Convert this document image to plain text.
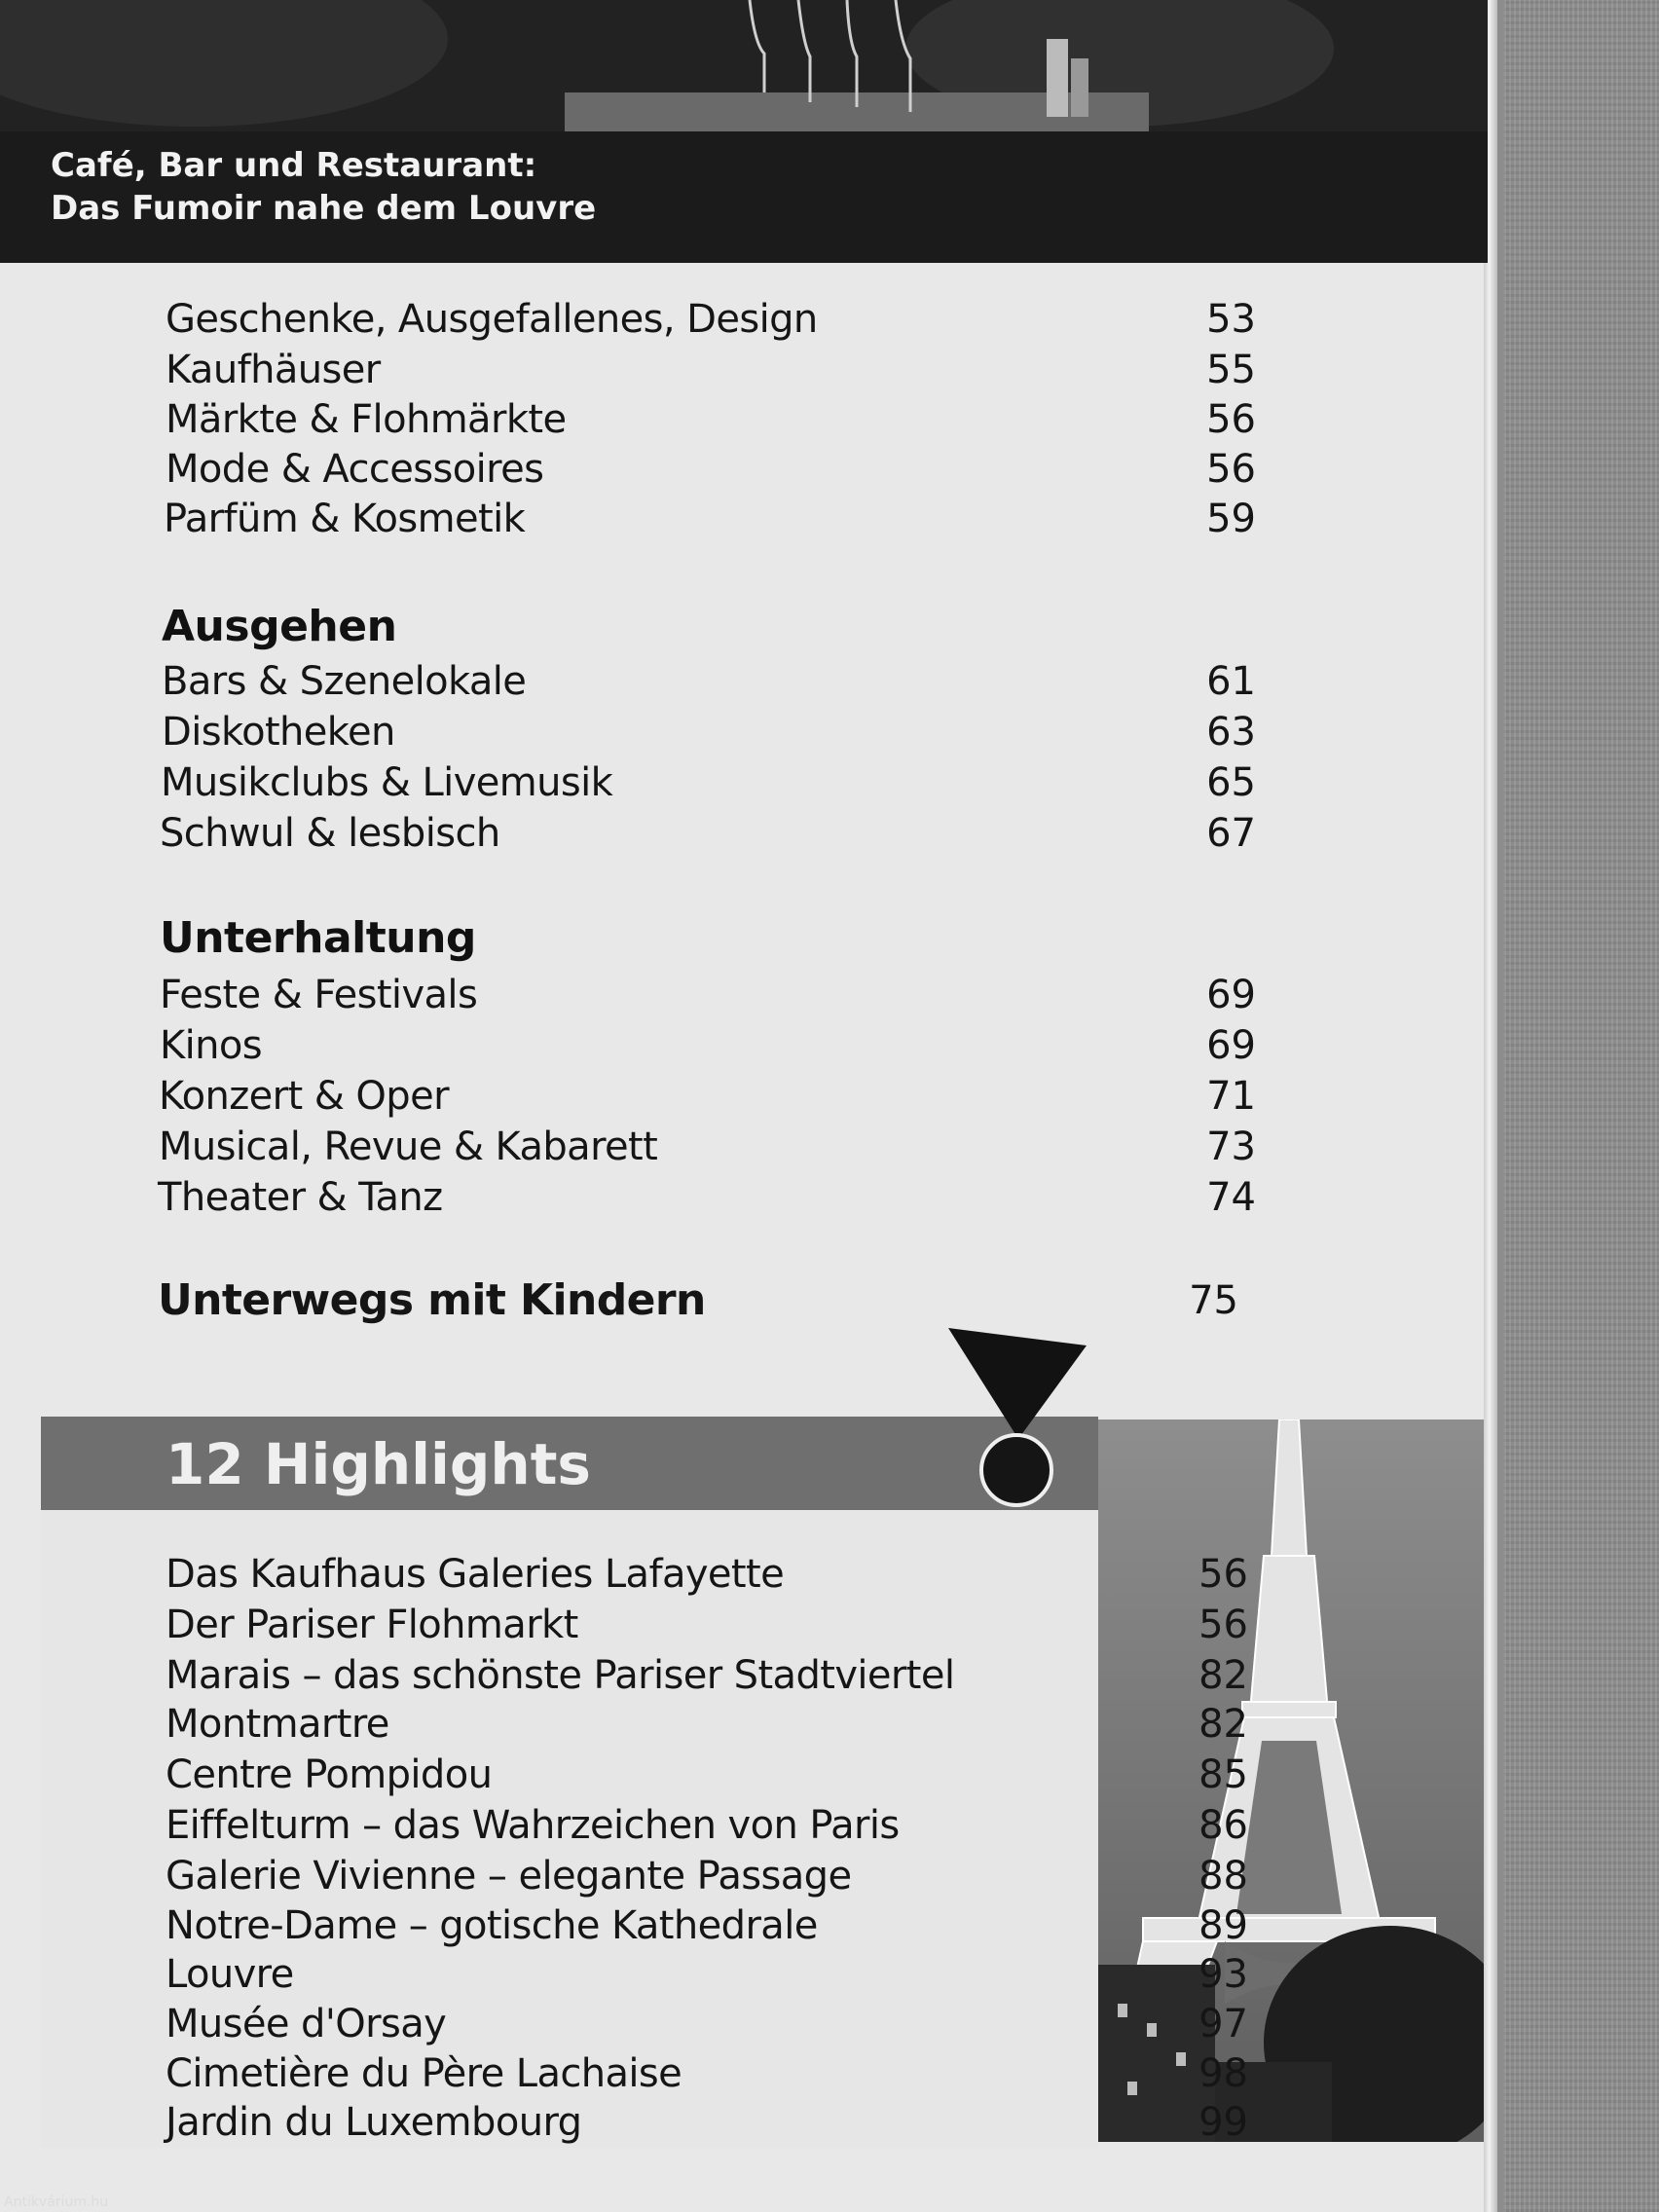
Café, Bar und Restaurant:
Das Fumoir nahe dem Louvre
Geschenke, Ausgefallenes, Design	53
Kaufhäuser	55
Märkte & Flohmärkte	56
Mode & Accessoires	56
Parfüm & Kosmetik	59
Ausgehen
Bars & Szenelokale	61
Diskotheken	63
Musikclubs & Livemusik	65
Schwul & lesbisch	67
Unterhaltung
Feste & Festivals	69
Kinos	69
Konzert & Oper	71
Musical, Revue & Kabarett	73
Theater & Tanz	74
Unterwegs mit Kindern	75
12 Highlights
Das Kaufhaus Galeries Lafayette	56
Der Pariser Flohmarkt	56
Marais – das schönste Pariser Stadtviertel	82
Montmartre	82
Centre Pompidou	85
Eiffelturm – das Wahrzeichen von Paris	86
Galerie Vivienne – elegante Passage	88
Notre-Dame – gotische Kathedrale	89
Louvre	93
Musée d'Orsay	97
Cimetière du Père Lachaise	98
Jardin du Luxembourg	99
Antikvárium.hu
